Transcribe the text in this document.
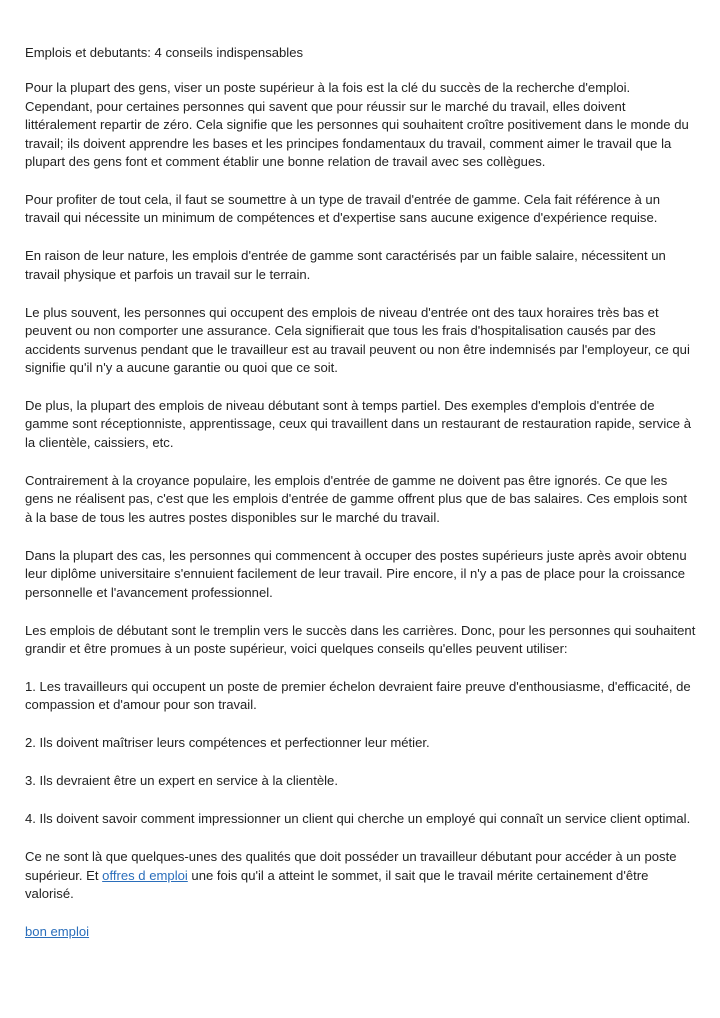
Emplois et debutants: 4 conseils indispensables

Pour la plupart des gens, viser un poste supérieur à la fois est la clé du succès de la recherche d'emploi. Cependant, pour certaines personnes qui savent que pour réussir sur le marché du travail, elles doivent littéralement repartir de zéro. Cela signifie que les personnes qui souhaitent croître positivement dans le monde du travail; ils doivent apprendre les bases et les principes fondamentaux du travail, comment aimer le travail que la plupart des gens font et comment établir une bonne relation de travail avec ses collègues.

Pour profiter de tout cela, il faut se soumettre à un type de travail d'entrée de gamme. Cela fait référence à un travail qui nécessite un minimum de compétences et d'expertise sans aucune exigence d'expérience requise.

En raison de leur nature, les emplois d'entrée de gamme sont caractérisés par un faible salaire, nécessitent un travail physique et parfois un travail sur le terrain.

Le plus souvent, les personnes qui occupent des emplois de niveau d'entrée ont des taux horaires très bas et peuvent ou non comporter une assurance. Cela signifierait que tous les frais d'hospitalisation causés par des accidents survenus pendant que le travailleur est au travail peuvent ou non être indemnisés par l'employeur, ce qui signifie qu'il n'y a aucune garantie ou quoi que ce soit.

De plus, la plupart des emplois de niveau débutant sont à temps partiel. Des exemples d'emplois d'entrée de gamme sont réceptionniste, apprentissage, ceux qui travaillent dans un restaurant de restauration rapide, service à la clientèle, caissiers, etc.

Contrairement à la croyance populaire, les emplois d'entrée de gamme ne doivent pas être ignorés. Ce que les gens ne réalisent pas, c'est que les emplois d'entrée de gamme offrent plus que de bas salaires. Ces emplois sont à la base de tous les autres postes disponibles sur le marché du travail.

Dans la plupart des cas, les personnes qui commencent à occuper des postes supérieurs juste après avoir obtenu leur diplôme universitaire s'ennuient facilement de leur travail. Pire encore, il n'y a pas de place pour la croissance personnelle et l'avancement professionnel.

Les emplois de débutant sont le tremplin vers le succès dans les carrières. Donc, pour les personnes qui souhaitent grandir et être promues à un poste supérieur, voici quelques conseils qu'elles peuvent utiliser:

1. Les travailleurs qui occupent un poste de premier échelon devraient faire preuve d'enthousiasme, d'efficacité, de compassion et d'amour pour son travail.

2. Ils doivent maîtriser leurs compétences et perfectionner leur métier.

3. Ils devraient être un expert en service à la clientèle.

4. Ils doivent savoir comment impressionner un client qui cherche un employé qui connaît un service client optimal.

Ce ne sont là que quelques-unes des qualités que doit posséder un travailleur débutant pour accéder à un poste supérieur. Et offres d emploi une fois qu'il a atteint le sommet, il sait que le travail mérite certainement d'être valorisé.

bon emploi
